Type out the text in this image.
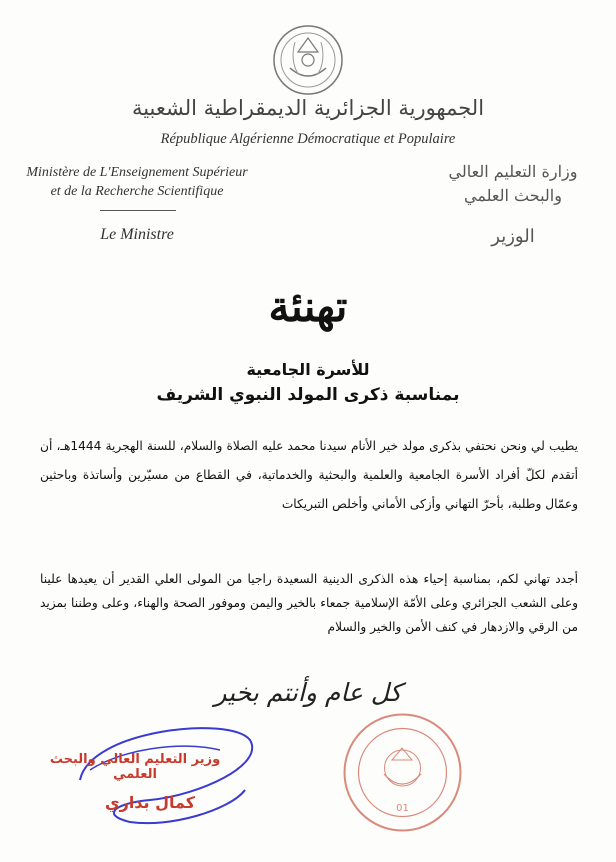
الجمهورية الجزائرية الديمقراطية الشعبية
République Algérienne Démocratique et Populaire
Ministère de L'Enseignement Supérieur
et de la Recherche Scientifique
Le Ministre
وزارة التعليم العالي
والبحث العلمي
الوزير
تهنئة
للأسرة الجامعية
بمناسبة ذكرى المولد النبوي الشريف
يطيب لي ونحن نحتفي بذكرى مولد خير الأنام سيدنا محمد عليه الصلاة والسلام، للسنة الهجرية 1444هـ، أن أتقدم لكلّ أفراد الأسرة الجامعية والعلمية والبحثية والخدماتية، في القطاع من مسيّرين وأساتذة وباحثين وعمّال وطلبة، بأحرّ التهاني وأزكى الأماني وأخلص التبريكات
أجدد تهاني لكم، بمناسبة إحياء هذه الذكرى الدينية السعيدة راجيا من المولى العلي القدير أن يعيدها علينا وعلى الشعب الجزائري وعلى الأمّة الإسلامية جمعاء بالخير واليمن وموفور الصحة والهناء، وعلى وطننا بمزيد من الرقي والازدهار في كنف الأمن والخير والسلام
كل عام وأنتم بخير
وزير التعليم العالي والبحث العلمي
كمال بداري	01
